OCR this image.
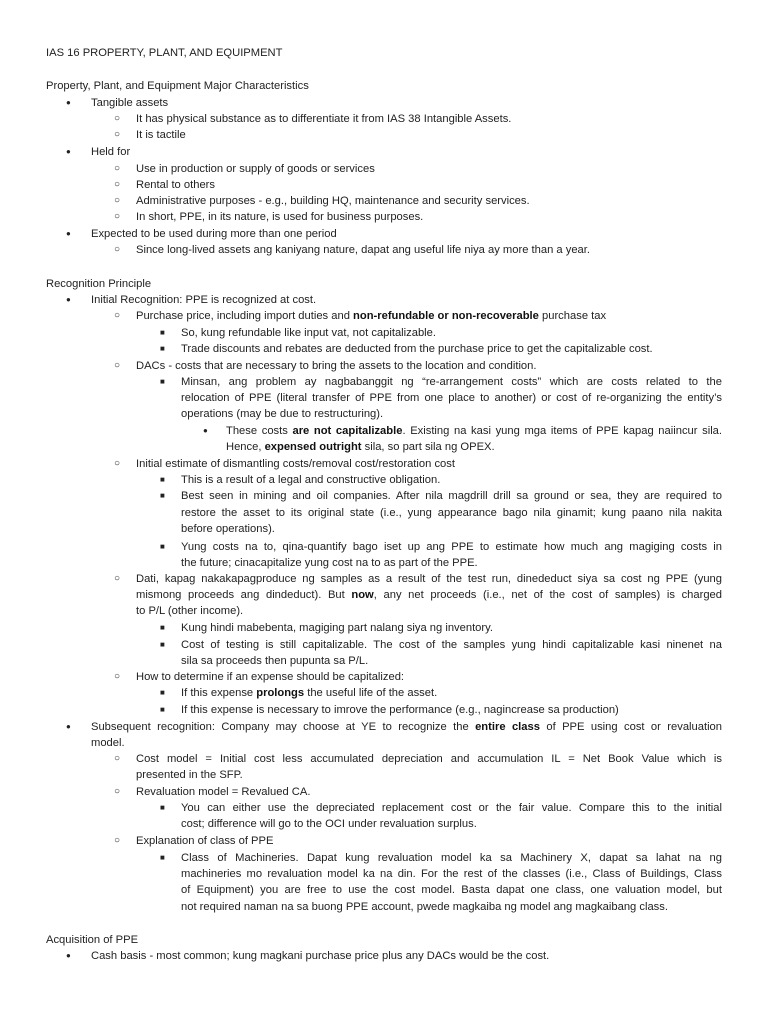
IAS 16 PROPERTY, PLANT, AND EQUIPMENT
Property, Plant, and Equipment Major Characteristics
● Tangible assets
○ It has physical substance as to differentiate it from IAS 38 Intangible Assets.
○ It is tactile
● Held for
○ Use in production or supply of goods or services
○ Rental to others
○ Administrative purposes - e.g., building HQ, maintenance and security services.
○ In short, PPE, in its nature, is used for business purposes.
● Expected to be used during more than one period
○ Since long-lived assets ang kaniyang nature, dapat ang useful life niya ay more than a year.
Recognition Principle
● Initial Recognition: PPE is recognized at cost.
○ Purchase price, including import duties and non-refundable or non-recoverable purchase tax
■ So, kung refundable like input vat, not capitalizable.
■ Trade discounts and rebates are deducted from the purchase price to get the capitalizable cost.
○ DACs - costs that are necessary to bring the assets to the location and condition.
■ Minsan, ang problem ay nagbabanggit ng “re-arrangement costs” which are costs related to the
relocation of PPE (literal transfer of PPE from one place to another) or cost of re-organizing the entity’s
operations (may be due to restructuring).
● These costs are not capitalizable. Existing na kasi yung mga items of PPE kapag naiincur sila.
Hence, expensed outright sila, so part sila ng OPEX.
○ Initial estimate of dismantling costs/removal cost/restoration cost
■ This is a result of a legal and constructive obligation.
■ Best seen in mining and oil companies. After nila magdrill drill sa ground or sea, they are required to
restore the asset to its original state (i.e., yung appearance bago nila ginamit; kung paano nila nakita
before operations).
■ Yung costs na to, qina-quantify bago iset up ang PPE to estimate how much ang magiging costs in
the future; cinacapitalize yung cost na to as part of the PPE.
○ Dati, kapag nakakapagproduce ng samples as a result of the test run, dinededuct siya sa cost ng PPE (yung
mismong proceeds ang dindeduct). But now, any net proceeds (i.e., net of the cost of samples) is charged
to P/L (other income).
■ Kung hindi mabebenta, magiging part nalang siya ng inventory.
■ Cost of testing is still capitalizable. The cost of the samples yung hindi capitalizable kasi ninenet na
sila sa proceeds then pupunta sa P/L.
○ How to determine if an expense should be capitalized:
■ If this expense prolongs the useful life of the asset.
■ If this expense is necessary to imrove the performance (e.g., nagincrease sa production)
● Subsequent recognition: Company may choose at YE to recognize the entire class of PPE using cost or revaluation
model.
○ Cost model = Initial cost less accumulated depreciation and accumulation IL = Net Book Value which is
presented in the SFP.
○ Revaluation model = Revalued CA.
■ You can either use the depreciated replacement cost or the fair value. Compare this to the initial
cost; difference will go to the OCI under revaluation surplus.
○ Explanation of class of PPE
■ Class of Machineries. Dapat kung revaluation model ka sa Machinery X, dapat sa lahat na ng
machineries mo revaluation model ka na din. For the rest of the classes (i.e., Class of Buildings, Class
of Equipment) you are free to use the cost model. Basta dapat one class, one valuation model, but
not required naman na sa buong PPE account, pwede magkaiba ng model ang magkaibang class.
Acquisition of PPE
● Cash basis - most common; kung magkani purchase price plus any DACs would be the cost.
